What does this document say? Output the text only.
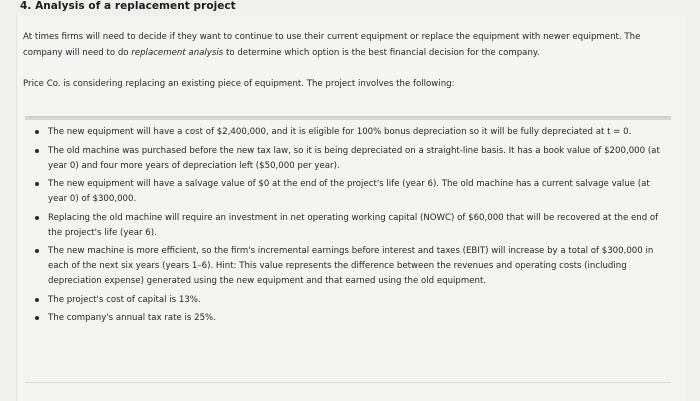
4. Analysis of a replacement project

At times firms will need to decide if they want to continue to use their current equipment or replace the equipment with newer equipment. The company will need to do replacement analysis to determine which option is the best financial decision for the company.

Price Co. is considering replacing an existing piece of equipment. The project involves the following:
The new equipment will have a cost of $2,400,000, and it is eligible for 100% bonus depreciation so it will be fully depreciated at t = 0.
The old machine was purchased before the new tax law, so it is being depreciated on a straight-line basis. It has a book value of $200,000 (at year 0) and four more years of depreciation left ($50,000 per year).
The new equipment will have a salvage value of $0 at the end of the project's life (year 6). The old machine has a current salvage value (at year 0) of $300,000.
Replacing the old machine will require an investment in net operating working capital (NOWC) of $60,000 that will be recovered at the end of the project's life (year 6).
The new machine is more efficient, so the firm's incremental earnings before interest and taxes (EBIT) will increase by a total of $300,000 in each of the next six years (years 1–6). Hint: This value represents the difference between the revenues and operating costs (including depreciation expense) generated using the new equipment and that earned using the old equipment.
The project's cost of capital is 13%.
The company's annual tax rate is 25%.
